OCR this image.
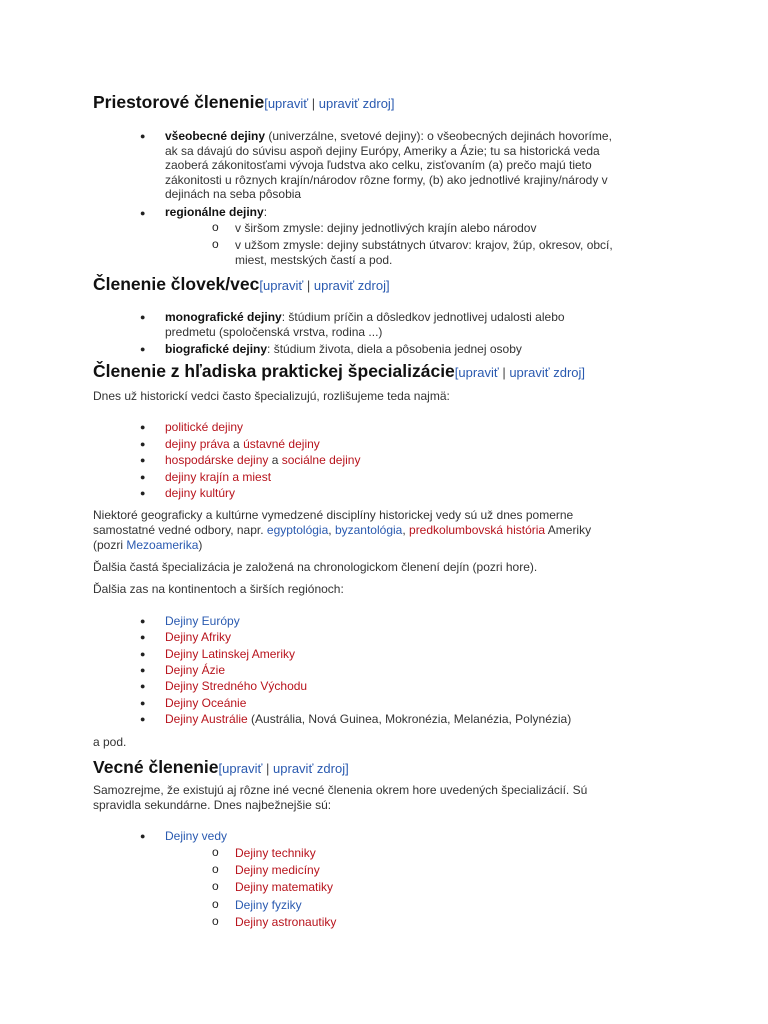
Priestorové členenie[upraviť | upraviť zdroj]
● všeobecné dejiny (univerzálne, svetové dejiny): o všeobecných dejinách hovoríme,
ak sa dávajú do súvisu aspoň dejiny Európy, Ameriky a Ázie; tu sa historická veda
zaoberá zákonitosťami vývoja ľudstva ako celku, zisťovaním (a) prečo majú tieto
zákonitosti u rôznych krajín/národov rôzne formy, (b) ako jednotlivé krajiny/národy v
dejinách na seba pôsobia
● regionálne dejiny:
o v širšom zmysle: dejiny jednotlivých krajín alebo národov
o v užšom zmysle: dejiny substátnych útvarov: krajov, žúp, okresov, obcí,
miest, mestských častí a pod.
Členenie človek/vec[upraviť | upraviť zdroj]
● monografické dejiny: štúdium príčin a dôsledkov jednotlivej udalosti alebo
predmetu (spoločenská vrstva, rodina ...)
● biografické dejiny: štúdium života, diela a pôsobenia jednej osoby
Členenie z hľadiska praktickej špecializácie[upraviť | upraviť zdroj]
Dnes už historickí vedci často špecializujú, rozlišujeme teda najmä:
● politické dejiny
● dejiny práva a ústavné dejiny
● hospodárske dejiny a sociálne dejiny
● dejiny krajín a miest
● dejiny kultúry
Niektoré geograficky a kultúrne vymedzené disciplíny historickej vedy sú už dnes pomerne
samostatné vedné odbory, napr. egyptológia, byzantológia, predkolumbovská história Ameriky
(pozri Mezoamerika)
Ďalšia častá špecializácia je založená na chronologickom členení dejín (pozri hore).
Ďalšia zas na kontinentoch a širších regiónoch:
● Dejiny Európy
● Dejiny Afriky
● Dejiny Latinskej Ameriky
● Dejiny Ázie
● Dejiny Stredného Východu
● Dejiny Oceánie
● Dejiny Austrálie (Austrália, Nová Guinea, Mokronézia, Melanézia, Polynézia)
a pod.
Vecné členenie[upraviť | upraviť zdroj]
Samozrejme, že existujú aj rôzne iné vecné členenia okrem hore uvedených špecializácií. Sú
spravidla sekundárne. Dnes najbežnejšie sú:
● Dejiny vedy
o Dejiny techniky
o Dejiny medicíny
o Dejiny matematiky
o Dejiny fyziky
o Dejiny astronautiky
